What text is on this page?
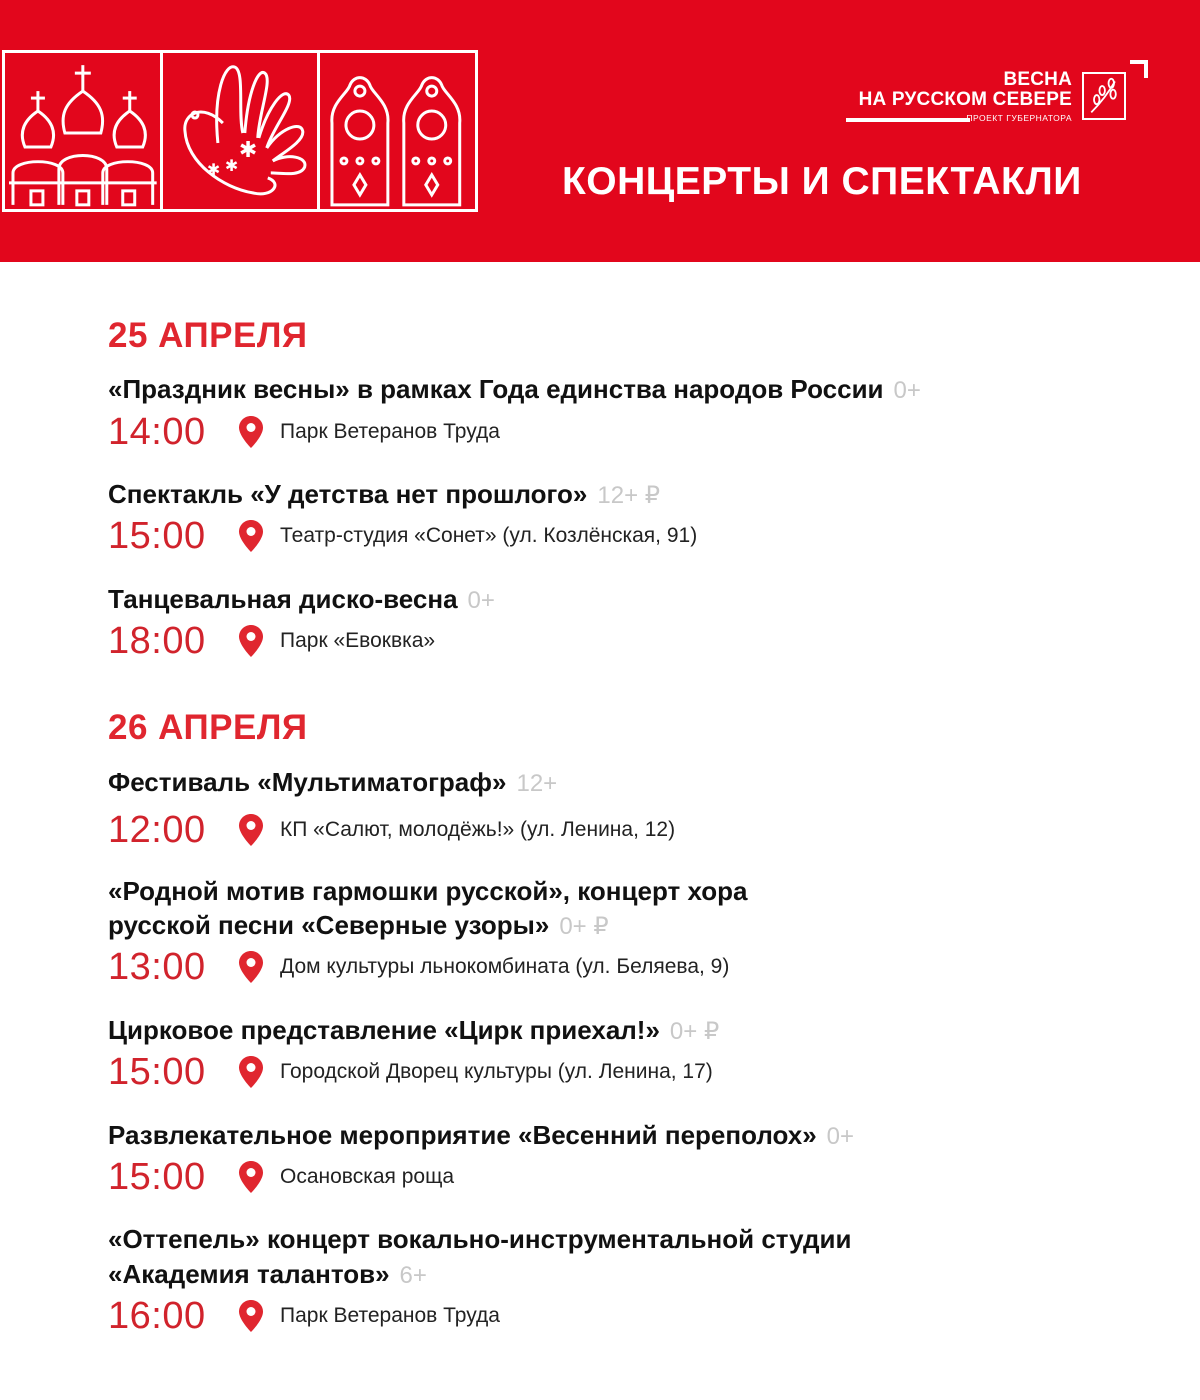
✱
✱ ✱
ВЕСНА
НА РУССКОМ СЕВЕРЕ
ПРОЕКТ ГУБЕРНАТОРА
КОНЦЕРТЫ И СПЕКТАКЛИ
25 АПРЕЛЯ
«Праздник весны» в рамках Года единства народов России 0+
14:00	Парк Ветеранов Труда
Спектакль «У детства нет прошлого» 12+ ₽
15:00	Театр-студия «Сонет» (ул. Козлёнская, 91)
Танцевальная диско-весна 0+
18:00	Парк «Евоквка»
26 АПРЕЛЯ
Фестиваль «Мультиматограф» 12+
12:00	КП «Салют, молодёжь!» (ул. Ленина, 12)
«Родной мотив гармошки русской», концерт хора
русской песни «Северные узоры» 0+ ₽
13:00	Дом культуры льнокомбината (ул. Беляева, 9)
Цирковое представление «Цирк приехал!» 0+ ₽
15:00	Городской Дворец культуры (ул. Ленина, 17)
Развлекательное мероприятие «Весенний переполох» 0+
15:00	Осановская роща
«Оттепель» концерт вокально-инструментальной студии
«Академия талантов» 6+
16:00	Парк Ветеранов Труда
